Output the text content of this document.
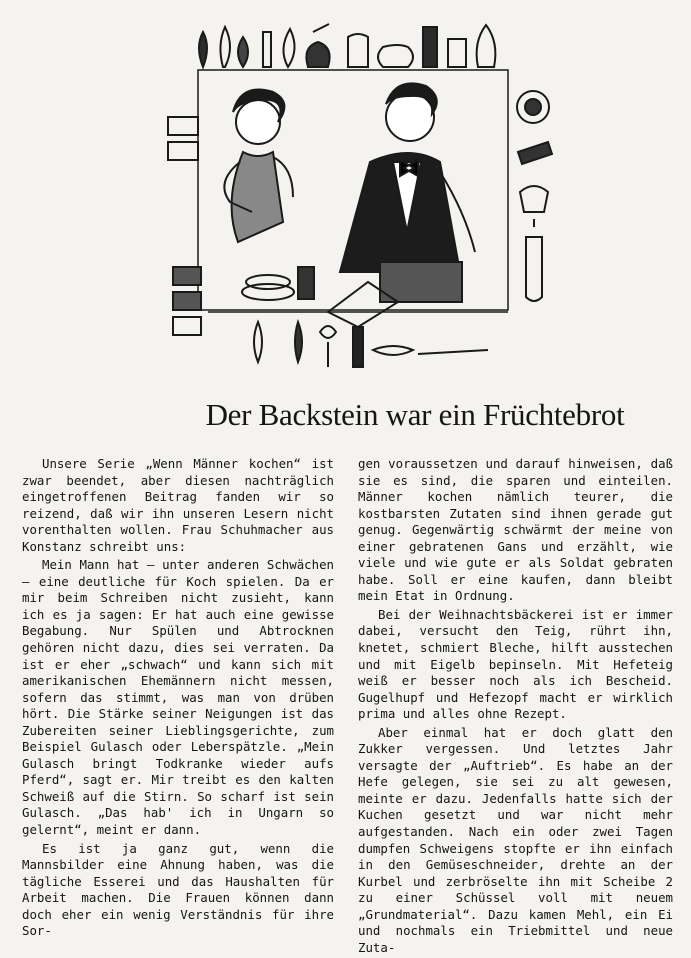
Der Backstein war ein Früchtebrot

Unsere Serie „Wenn Männer kochen“ ist zwar beendet, aber diesen nachträglich eingetroffenen Beitrag fanden wir so reizend, daß wir ihn unseren Lesern nicht vorenthalten wollen. Frau Schuhmacher aus Konstanz schreibt uns:

Mein Mann hat — unter anderen Schwächen — eine deutliche für Koch spielen. Da er mir beim Schreiben nicht zusieht, kann ich es ja sagen: Er hat auch eine gewisse Begabung. Nur Spülen und Abtrocknen gehören nicht dazu, dies sei verraten. Da ist er eher „schwach“ und kann sich mit amerikanischen Ehemännern nicht messen, sofern das stimmt, was man von drüben hört. Die Stärke seiner Neigungen ist das Zubereiten seiner Lieblingsgerichte, zum Beispiel Gulasch oder Leberspätzle. „Mein Gulasch bringt Todkranke wieder aufs Pferd“, sagt er. Mir treibt es den kalten Schweiß auf die Stirn. So scharf ist sein Gulasch. „Das hab' ich in Ungarn so gelernt“, meint er dann.

Es ist ja ganz gut, wenn die Mannsbilder eine Ahnung haben, was die tägliche Esserei und das Haushalten für Arbeit machen. Die Frauen können dann doch eher ein wenig Verständnis für ihre Sor-

gen voraussetzen und darauf hinweisen, daß sie es sind, die sparen und einteilen. Männer kochen nämlich teurer, die kostbarsten Zutaten sind ihnen gerade gut genug. Gegenwärtig schwärmt der meine von einer gebratenen Gans und erzählt, wie viele und wie gute er als Soldat gebraten habe. Soll er eine kaufen, dann bleibt mein Etat in Ordnung.

Bei der Weihnachtsbäckerei ist er immer dabei, versucht den Teig, rührt ihn, knetet, schmiert Bleche, hilft ausstechen und mit Eigelb bepinseln. Mit Hefeteig weiß er besser noch als ich Bescheid. Gugelhupf und Hefezopf macht er wirklich prima und alles ohne Rezept.

Aber einmal hat er doch glatt den Zukker vergessen. Und letztes Jahr versagte der „Auftrieb“. Es habe an der Hefe gelegen, sie sei zu alt gewesen, meinte er dazu. Jedenfalls hatte sich der Kuchen gesetzt und war nicht mehr aufgestanden. Nach ein oder zwei Tagen dumpfen Schweigens stopfte er ihn einfach in den Gemüseschneider, drehte an der Kurbel und zerbröselte ihn mit Scheibe 2 zu einer Schüssel voll mit neuem „Grundmaterial“. Dazu kamen Mehl, ein Ei und nochmals ein Triebmittel und neue Zuta-
